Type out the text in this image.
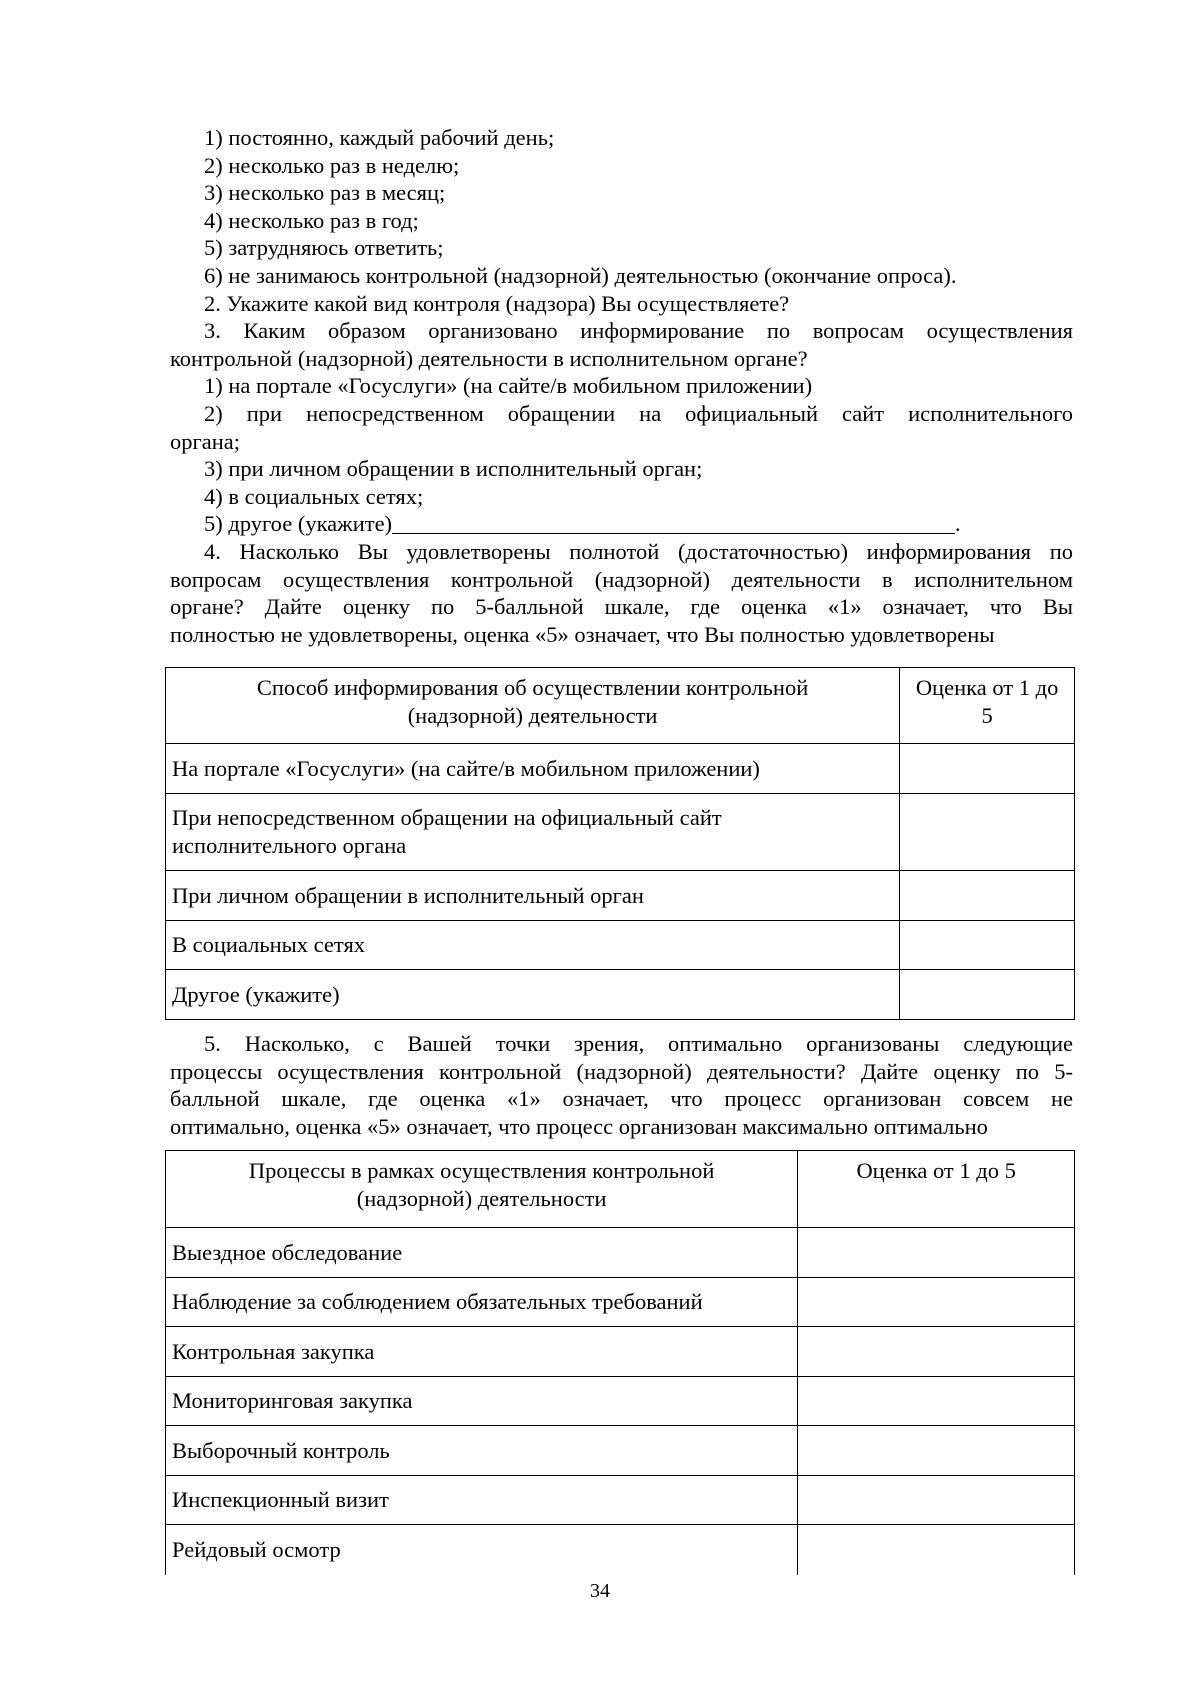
1) постоянно, каждый рабочий день;
2) несколько раз в неделю;
3) несколько раз в месяц;
4) несколько раз в год;
5) затрудняюсь ответить;
6) не занимаюсь контрольной (надзорной) деятельностью (окончание опроса).
2. Укажите какой вид контроля (надзора) Вы осуществляете?
3. Каким образом организовано информирование по вопросам осуществления
контрольной (надзорной) деятельности в исполнительном органе?
1) на портале «Госуслуги» (на сайте/в мобильном приложении)
2) при непосредственном обращении на официальный сайт исполнительного
органа;
3) при личном обращении в исполнительный орган;
4) в социальных сетях;
5) другое (укажите)	.
4. Насколько Вы удовлетворены полнотой (достаточностью) информирования по
вопросам осуществления контрольной (надзорной) деятельности в исполнительном
органе? Дайте оценку по 5-балльной шкале, где оценка «1» означает, что Вы
полностью не удовлетворены, оценка «5» означает, что Вы полностью удовлетворены
Способ информирования об осуществлении контрольной
(надзорной) деятельности	Оценка от 1 до
5
На портале «Госуслуги» (на сайте/в мобильном приложении)	
При непосредственном обращении на официальный сайт
исполнительного органа	
При личном обращении в исполнительный орган	
В социальных сетях	
Другое (укажите)	
5. Насколько, с Вашей точки зрения, оптимально организованы следующие
процессы осуществления контрольной (надзорной) деятельности? Дайте оценку по 5-
балльной шкале, где оценка «1» означает, что процесс организован совсем не
оптимально, оценка «5» означает, что процесс организован максимально оптимально
Процессы в рамках осуществления контрольной
(надзорной) деятельности	Оценка от 1 до 5
Выездное обследование	
Наблюдение за соблюдением обязательных требований	
Контрольная закупка	
Мониторинговая закупка	
Выборочный контроль	
Инспекционный визит	
Рейдовый осмотр	
34
